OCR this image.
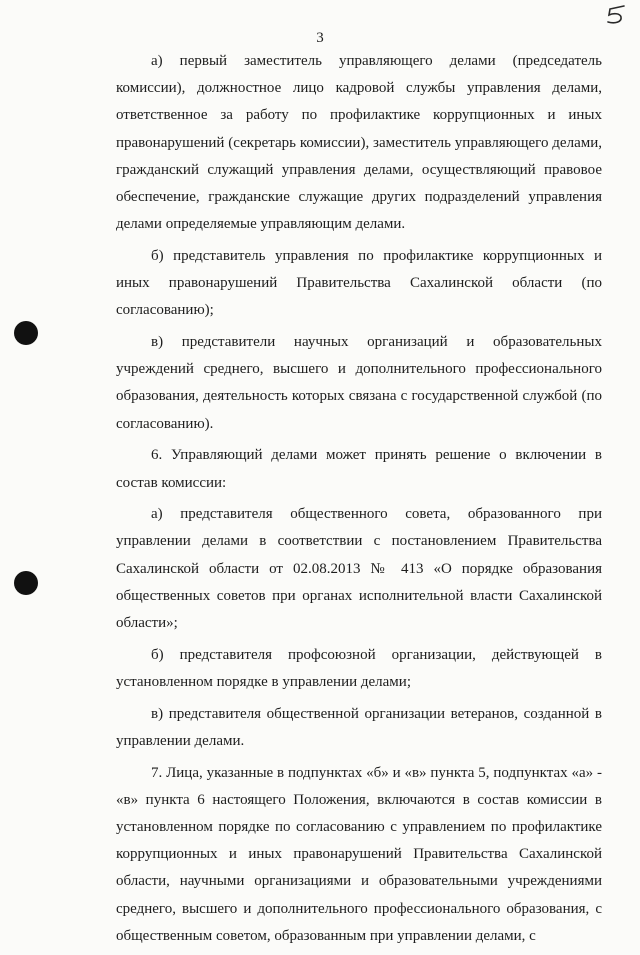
3

а) первый заместитель управляющего делами (председатель комиссии), должностное лицо кадровой службы управления делами, ответственное за работу по профилактике коррупционных и иных правонарушений (секретарь комиссии), заместитель управляющего делами, гражданский служащий управления делами, осуществляющий правовое обеспечение, гражданские служащие других подразделений управления делами определяемые управляющим делами.

б) представитель управления по профилактике коррупционных и иных правонарушений Правительства Сахалинской области (по согласованию);

в) представители научных организаций и образовательных учреждений среднего, высшего и дополнительного профессионального образования, деятельность которых связана с государственной службой (по согласованию).

6. Управляющий делами может принять решение о включении в состав комиссии:

а) представителя общественного совета, образованного при управлении делами в соответствии с постановлением Правительства Сахалинской области от 02.08.2013 № 413 «О порядке образования общественных советов при органах исполнительной власти Сахалинской области»;

б) представителя профсоюзной организации, действующей в установленном порядке в управлении делами;

в) представителя общественной организации ветеранов, созданной в управлении делами.

7. Лица, указанные в подпунктах «б» и «в» пункта 5, подпунктах «а» - «в» пункта 6 настоящего Положения, включаются в состав комиссии в установленном порядке по согласованию с управлением по профилактике коррупционных и иных правонарушений Правительства Сахалинской области, научными организациями и образовательными учреждениями среднего, высшего и дополнительного профессионального образования, с общественным советом, образованным при управлении делами, с
